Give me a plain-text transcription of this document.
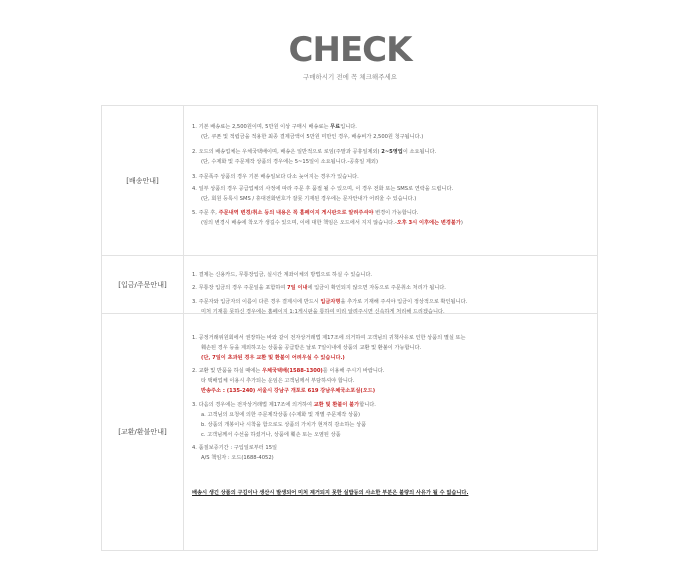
CHECK
구매하시기 전에 꼭 체크해주세요
[배송안내]
1. 기본 배송료는 2,500원이며, 5만원 이상 구매시 배송료는 무료입니다.
(단, 쿠폰 및 적립금을 적용한 최종 결제금액이 5만원 미만인 경우, 배송비가 2,500원 청구됩니다.)
2. 오드의 배송업체는 우체국택배이며, 배송은 일반적으로 로임(주말과 공휴일제외) 2~5영업이 소요됩니다.
(단, 수제화 및 주문제작 상품의 경우에는 5~15일이 소요됩니다.-공휴일 제외)
3. 주문폭주 상품의 경우 기본 배송일보다 다소 늦어지는 경우가 있습니다.
4. 일부 상품의 경우 공급업체의 사정에 따라 주문 후 품절 될 수 있으며, 이 경우 전화 또는 SMS로 연락을 드립니다.
(단, 회원 등록시 SMS / 휴대전화번호가 잘못 기재된 경우에는 문자안내가 어려울 수 있습니다.)
5. 주문 후, 주문내역 변경/취소 등의 내용은 꼭 홈페이지 게시판으로 알려주셔야 변경이 가능합니다.
(임의 변경시 배송에 착오가 생길수 있으며, 이에 대한 책임은 오드에서 지지 않습니다.-오후 3시 이후에는 변경불가)
[입금/주문안내]
1. 결제는 신용카드, 무통장입금, 실시간 계좌이체의 방법으로 하실 수 있습니다.
2. 무통장 입금의 경우 주문일을 포함하여 7일 이내에 입금이 확인되지 않으면 자동으로 주문취소 처리가 됩니다.
3. 주문자와 입금자의 이름이 다른 경우 결제시에 반드시 입금자명을 추가로 기재해 주셔야 입금이 정상적으로 확인됩니다.
미처 기재를 못하신 경우에는 홈페이지 1:1게시판을 통하여 미리 알려주시면 신속하게 처리해 드리겠습니다.
[교환/환불안내]
1. 공정거래위원회에서 권장하는 바와 같이 전자상거래법 제17조에 의거하여 고객님의 귀책사유로 인한 상품의 멸실 또는
훼손된 경우 등을 제외하고는 상품을 공급받은 날로 7일이내에 상품의 교환 및 환불이 가능합니다.
(단, 7일이 초과된 경우 교환 및 환불이 어려우실 수 있습니다.)
2. 교환 및 반품을 하실 때에는 우체국택배(1588-1300)를 이용해 주시기 바랍니다.
타 택배업체 이용시 추가되는 운임은 고객님께서 부담하셔야 합니다.
반송주소 : (135-240) 서울시 강남구 개포로 619 강남우체국소포실(오드)
3. 다음의 경우에는 전자상거래법 제17조에 의거하여 교환 및 환불이 불가합니다.
a. 고객님의 요청에 의한 주문제작상품 (수제화 및 개별 주문제작 상품)
b. 상품의 개봉이나 시착을 함으로도 상품의 가치가 현저히 감소하는 상품
c. 고객님께서 수선을 하셨거나, 상품에 훼손 또는 오염된 상품
4. 품질보증기간 : 구입일로부터 15일
A/S 책임자 : 오드(1688-4052)
배송시 생긴 상품의 구김이나 생산시 발생되어 미처 제거되지 못한 실밥등의 사소한 부분은 불량의 사유가 될 수 없습니다.
